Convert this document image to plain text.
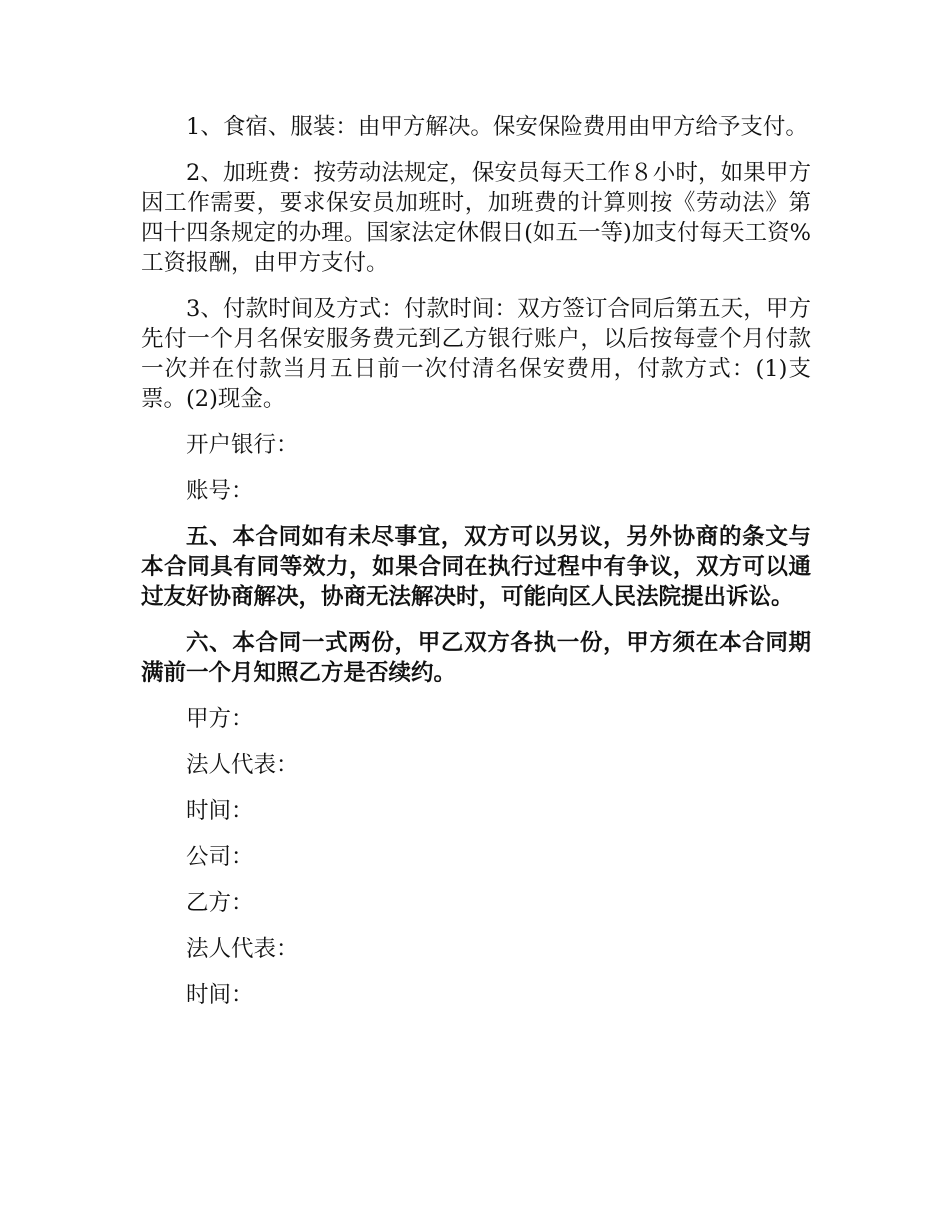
1、食宿、服装：由甲方解决。保安保险费用由甲方给予支付。

2、加班费：按劳动法规定，保安员每天工作８小时，如果甲方因工作需要，要求保安员加班时，加班费的计算则按《劳动法》第四十四条规定的办理。国家法定休假日(如五一等)加支付每天工资%工资报酬，由甲方支付。

3、付款时间及方式：付款时间：双方签订合同后第五天，甲方先付一个月名保安服务费元到乙方银行账户，以后按每壹个月付款一次并在付款当月五日前一次付清名保安费用，付款方式：(1)支票。(2)现金。

开户银行：

账号：

五、本合同如有未尽事宜，双方可以另议，另外协商的条文与本合同具有同等效力，如果合同在执行过程中有争议，双方可以通过友好协商解决，协商无法解决时，可能向区人民法院提出诉讼。

六、本合同一式两份，甲乙双方各执一份，甲方须在本合同期满前一个月知照乙方是否续约。

甲方：

法人代表：

时间：

公司：

乙方：

法人代表：

时间：
